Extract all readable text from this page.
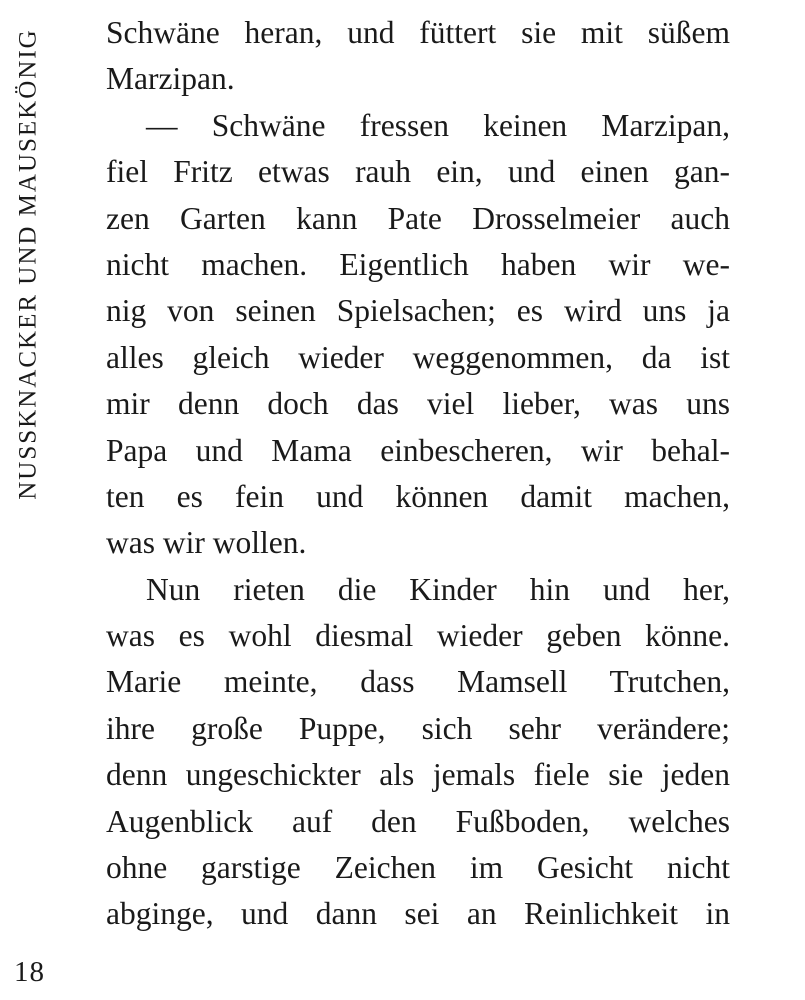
NUSSKNACKER UND MAUSEKÖNIG Schwäne heran, und füttert sie mit süßem
Marzipan.
— Schwäne fressen keinen Marzipan,
fiel Fritz etwas rauh ein, und einen gan-
zen Garten kann Pate Drosselmeier auch
nicht machen. Eigentlich haben wir we-
nig von seinen Spielsachen; es wird uns ja
alles gleich wieder weggenommen, da ist
mir denn doch das viel lieber, was uns
Papa und Mama einbescheren, wir behal-
ten es fein und können damit machen,
was wir wollen.
Nun rieten die Kinder hin und her,
was es wohl diesmal wieder geben könne.
Marie meinte, dass Mamsell Trutchen,
ihre große Puppe, sich sehr verändere;
denn ungeschickter als jemals fiele sie jeden
Augenblick auf den Fußboden, welches
ohne garstige Zeichen im Gesicht nicht
abginge, und dann sei an Reinlichkeit in
18
